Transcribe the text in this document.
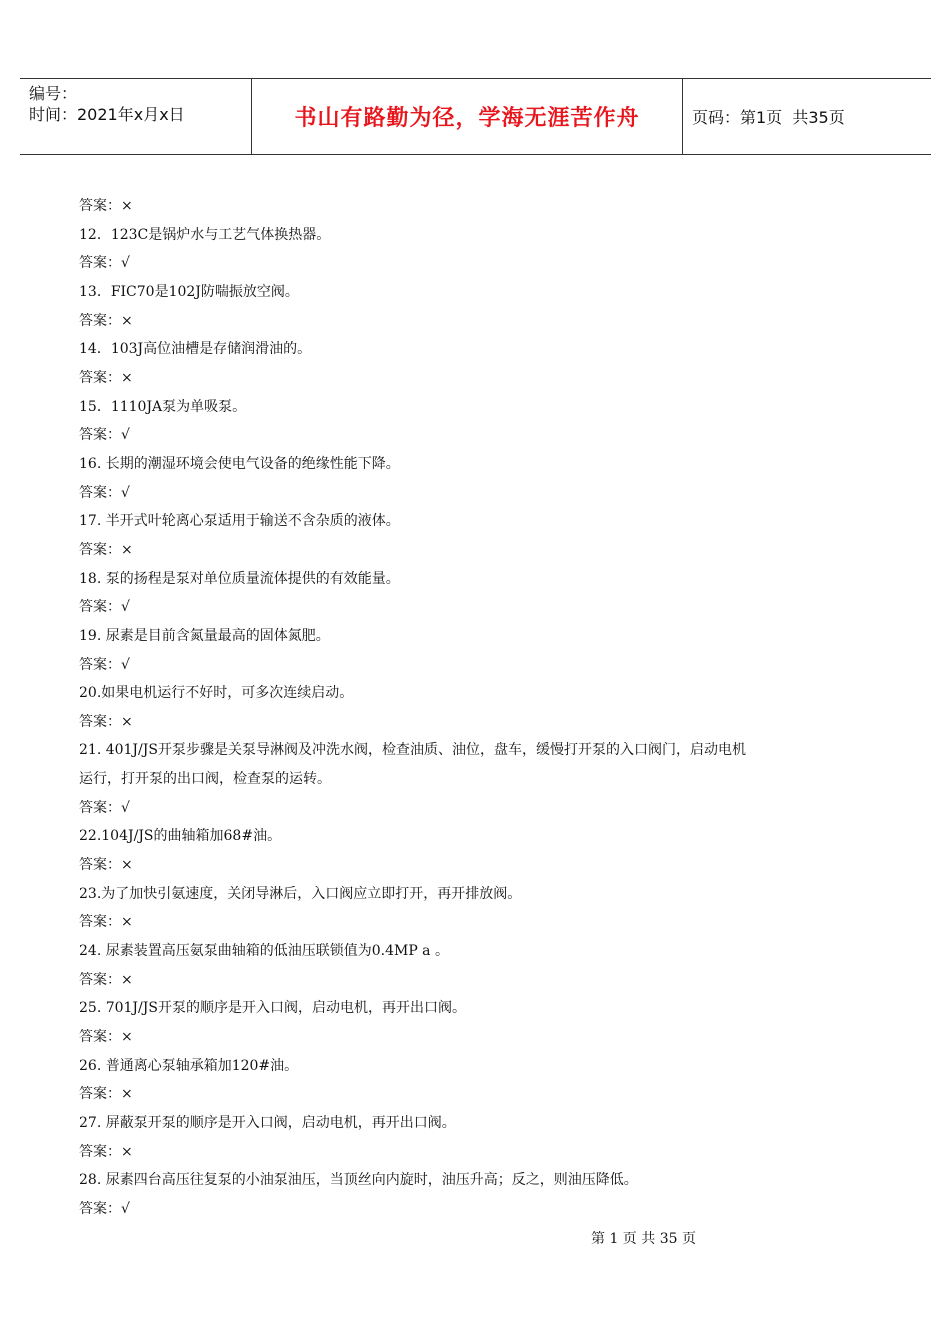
编号：
时间：2021年x月x日	书山有路勤为径，学海无涯苦作舟	页码：第1页  共35页
答案：×
12．123C是锅炉水与工艺气体换热器。
答案：√
13．FIC70是102J防喘振放空阀。
答案：×
14．103J高位油槽是存储润滑油的。
答案：×
15．1110JA泵为单吸泵。
答案：√
16. 长期的潮湿环境会使电气设备的绝缘性能下降。
答案：√
17. 半开式叶轮离心泵适用于输送不含杂质的液体。
答案：×
18. 泵的扬程是泵对单位质量流体提供的有效能量。
答案：√
19. 尿素是目前含氮量最高的固体氮肥。
答案：√
20.如果电机运行不好时，可多次连续启动。
答案：×
21. 401J/JS开泵步骤是关泵导淋阀及冲洗水阀，检查油质、油位，盘车，缓慢打开泵的入口阀门，启动电机
运行，打开泵的出口阀，检查泵的运转。
答案：√
22.104J/JS的曲轴箱加68#油。
答案：×
23.为了加快引氨速度，关闭导淋后，入口阀应立即打开，再开排放阀。
答案：×
24. 尿素装置高压氨泵曲轴箱的低油压联锁值为0.4MP a 。
答案：×
25. 701J/JS开泵的顺序是开入口阀，启动电机，再开出口阀。
答案：×
26. 普通离心泵轴承箱加120#油。
答案：×
27. 屏蔽泵开泵的顺序是开入口阀，启动电机，再开出口阀。
答案：×
28. 尿素四台高压往复泵的小油泵油压，当顶丝向内旋时，油压升高；反之，则油压降低。
答案：√
第 1 页 共 35 页
